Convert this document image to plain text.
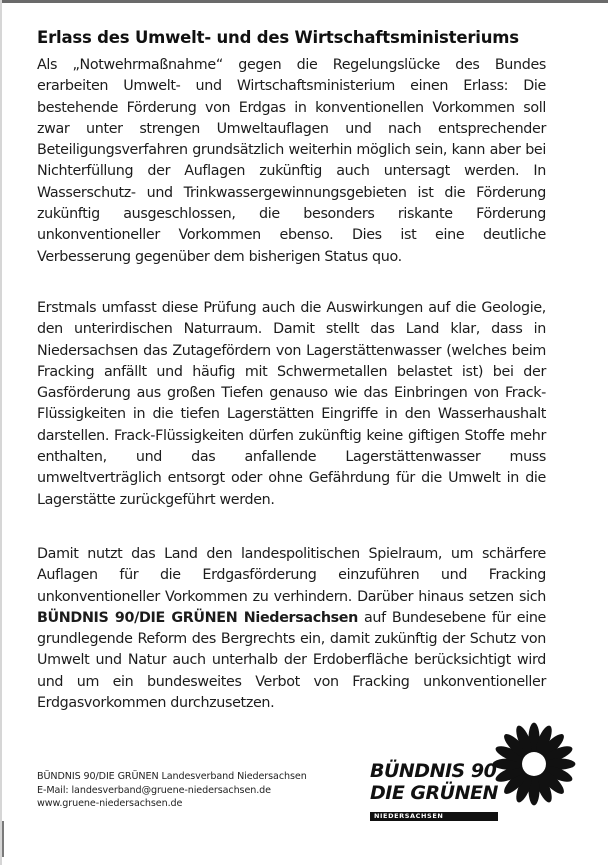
Erlass des Umwelt- und des Wirtschaftsministeriums

Als „Notwehrmaßnahme“ gegen die Regelungslücke des Bundes erarbeiten Umwelt- und Wirtschaftsministerium einen Erlass: Die bestehende Förderung von Erdgas in konventionellen Vorkommen soll zwar unter strengen Umweltauflagen und nach entsprechender Beteiligungsverfahren grundsätzlich weiterhin möglich sein, kann aber bei Nichterfüllung der Auflagen zukünftig auch untersagt werden. In Wasserschutz- und Trinkwassergewinnungsgebieten ist die Förderung zukünftig ausgeschlossen, die besonders riskante Förderung unkonventioneller Vorkommen ebenso. Dies ist eine deutliche Verbesserung gegenüber dem bisherigen Status quo.

Erstmals umfasst diese Prüfung auch die Auswirkungen auf die Geologie, den unterirdischen Naturraum. Damit stellt das Land klar, dass in Niedersachsen das Zutagefördern von Lagerstättenwasser (welches beim Fracking anfällt und häufig mit Schwermetallen belastet ist) bei der Gasförderung aus großen Tiefen genauso wie das Einbringen von Frack-Flüssigkeiten in die tiefen Lagerstätten Eingriffe in den Wasserhaushalt darstellen. Frack-Flüssigkeiten dürfen zukünftig keine giftigen Stoffe mehr enthalten, und das anfallende Lagerstättenwasser muss umweltverträglich entsorgt oder ohne Gefährdung für die Umwelt in die Lagerstätte zurückgeführt werden.

Damit nutzt das Land den landespolitischen Spielraum, um schärfere Auflagen für die Erdgasförderung einzuführen und Fracking unkonventioneller Vorkommen zu verhindern. Darüber hinaus setzen sich BÜNDNIS 90/DIE GRÜNEN Niedersachsen auf Bundesebene für eine grundlegende Reform des Bergrechts ein, damit zukünftig der Schutz von Umwelt und Natur auch unterhalb der Erdoberfläche berücksichtigt wird und um ein bundesweites Verbot von Fracking unkonventioneller Erdgasvorkommen durchzusetzen.

BÜNDNIS 90/DIE GRÜNEN Landesverband Niedersachsen
E-Mail: landesverband@gruene-niedersachsen.de
www.gruene-niedersachsen.de
BÜNDNIS 90
DIE GRÜNEN
NIEDERSACHSEN
